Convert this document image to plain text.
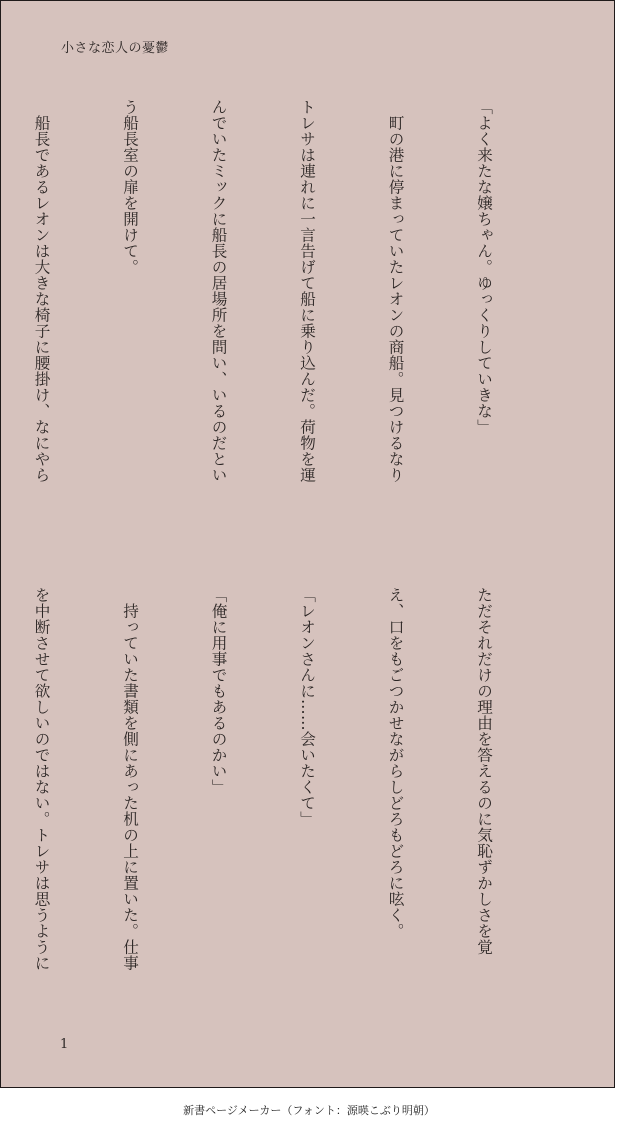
小さな恋人の憂鬱

「よく来たな嬢ちゃん。ゆっくりしていきな」

　町の港に停まっていたレオンの商船。見つけるなり

トレサは連れに一言告げて船に乗り込んだ。荷物を運

んでいたミックに船長の居場所を問い、いるのだとい

う船長室の扉を開けて。

　船長であるレオンは大きな椅子に腰掛け、なにやら

ただそれだけの理由を答えるのに気恥ずかしさを覚

え、口をもごつかせながらしどろもどろに呟く。

「レオンさんに……会いたくて」

「俺に用事でもあるのかい」

　持っていた書類を側にあった机の上に置いた。仕事

を中断させて欲しいのではない。トレサは思うように

1
新書ページメーカー（フォント：源暎こぶり明朝）
